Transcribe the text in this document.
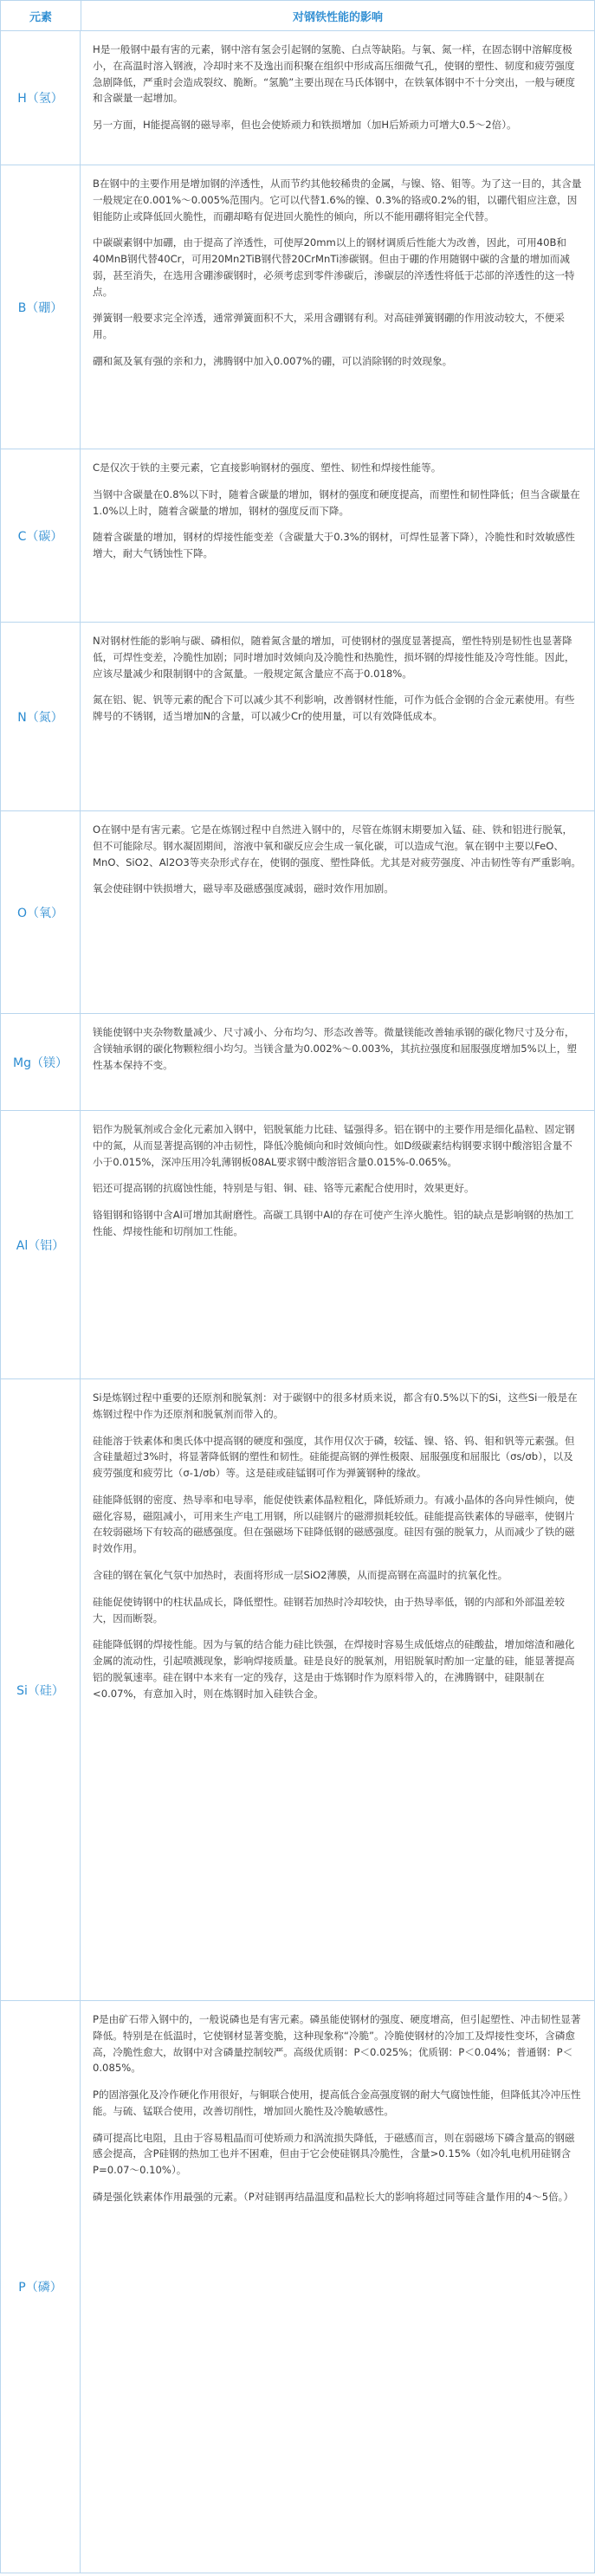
元素	对钢铁性能的影响
H（氢）

H是一般钢中最有害的元素，钢中溶有氢会引起钢的氢脆、白点等缺陷。与氧、氮一样，在固态钢中溶解度极小，在高温时溶入钢液，冷却时来不及逸出而积聚在组织中形成高压细微气孔，使钢的塑性、韧度和疲劳强度急剧降低，严重时会造成裂纹、脆断。“氢脆”主要出现在马氏体钢中，在铁氧体钢中不十分突出，一般与硬度和含碳量一起增加。

另一方面，H能提高钢的磁导率，但也会使矫顽力和铁损增加（加H后矫顽力可增大0.5～2倍）。

B（硼）

B在钢中的主要作用是增加钢的淬透性，从而节约其他较稀贵的金属，与镍、铬、钼等。为了这一目的，其含量一般规定在0.001%～0.005%范围内。它可以代替1.6%的镍、0.3%的铬或0.2%的钼，以硼代钼应注意，因钼能防止或降低回火脆性，而硼却略有促进回火脆性的倾向，所以不能用硼将钼完全代替。

中碳碳素钢中加硼，由于提高了淬透性，可使厚20mm以上的钢材调质后性能大为改善，因此，可用40B和40MnB钢代替40Cr，可用20Mn2TiB钢代替20CrMnTi渗碳钢。但由于硼的作用随钢中碳的含量的增加而减弱，甚至消失，在选用含硼渗碳钢时，必须考虑到零件渗碳后，渗碳层的淬透性将低于芯部的淬透性的这一特点。

弹簧钢一般要求完全淬透，通常弹簧面积不大，采用含硼钢有利。对高硅弹簧钢硼的作用波动较大，不便采用。

硼和氮及氧有强的亲和力，沸腾钢中加入0.007%的硼，可以消除钢的时效现象。

C（碳）

C是仅次于铁的主要元素，它直接影响钢材的强度、塑性、韧性和焊接性能等。

当钢中含碳量在0.8%以下时，随着含碳量的增加，钢材的强度和硬度提高，而塑性和韧性降低；但当含碳量在1.0%以上时，随着含碳量的增加，钢材的强度反而下降。

随着含碳量的增加，钢材的焊接性能变差（含碳量大于0.3%的钢材，可焊性显著下降），冷脆性和时效敏感性增大，耐大气锈蚀性下降。

N（氮）

N对钢材性能的影响与碳、磷相似，随着氮含量的增加，可使钢材的强度显著提高，塑性特别是韧性也显著降低，可焊性变差，冷脆性加剧；同时增加时效倾向及冷脆性和热脆性，损坏钢的焊接性能及冷弯性能。因此，应该尽量减少和限制钢中的含氮量。一般规定氮含量应不高于0.018%。

氮在铝、铌、钒等元素的配合下可以减少其不利影响，改善钢材性能，可作为低合金钢的合金元素使用。有些牌号的不锈钢，适当增加N的含量，可以减少Cr的使用量，可以有效降低成本。

O（氧）

O在钢中是有害元素。它是在炼钢过程中自然进入钢中的，尽管在炼钢末期要加入锰、硅、铁和铝进行脱氧，但不可能除尽。钢水凝固期间，溶液中氧和碳反应会生成一氧化碳，可以造成气泡。氧在钢中主要以FeO、MnO、SiO2、Al2O3等夹杂形式存在，使钢的强度、塑性降低。尤其是对疲劳强度、冲击韧性等有严重影响。

氧会使硅钢中铁损增大，磁导率及磁感强度减弱，磁时效作用加剧。

Mg（镁）

镁能使钢中夹杂物数量减少、尺寸减小、分布均匀、形态改善等。微量镁能改善轴承钢的碳化物尺寸及分布，含镁轴承钢的碳化物颗粒细小均匀。当镁含量为0.002%～0.003%，其抗拉强度和屈服强度增加5%以上，塑性基本保持不变。

Al（铝）

铝作为脱氧剂或合金化元素加入钢中，铝脱氧能力比硅、锰强得多。铝在钢中的主要作用是细化晶粒、固定钢中的氮，从而显著提高钢的冲击韧性，降低冷脆倾向和时效倾向性。如D级碳素结构钢要求钢中酸溶铝含量不小于0.015%，深冲压用冷轧薄钢板08AL要求钢中酸溶铝含量0.015%-0.065%。

铝还可提高钢的抗腐蚀性能，特别是与钼、铜、硅、铬等元素配合使用时，效果更好。

铬钼钢和铬钢中含Al可增加其耐磨性。高碳工具钢中Al的存在可使产生淬火脆性。铝的缺点是影响钢的热加工性能、焊接性能和切削加工性能。

Si（硅）

Si是炼钢过程中重要的还原剂和脱氧剂：对于碳钢中的很多材质来说，都含有0.5%以下的Si，这些Si一般是在炼钢过程中作为还原剂和脱氧剂而带入的。

硅能溶于铁素体和奥氏体中提高钢的硬度和强度，其作用仅次于磷，较锰、镍、铬、钨、钼和钒等元素强。但含硅量超过3%时，将显著降低钢的塑性和韧性。硅能提高钢的弹性极限、屈服强度和屈服比（σs/σb），以及疲劳强度和疲劳比（σ-1/σb）等。这是硅或硅锰钢可作为弹簧钢种的缘故。

硅能降低钢的密度、热导率和电导率，能促使铁素体晶粒粗化，降低矫顽力。有减小晶体的各向异性倾向，使磁化容易，磁阻减小，可用来生产电工用钢，所以硅钢片的磁滞损耗较低。硅能提高铁素体的导磁率，使钢片在较弱磁场下有较高的磁感强度。但在强磁场下硅降低钢的磁感强度。硅因有强的脱氧力，从而减少了铁的磁时效作用。

含硅的钢在氧化气氛中加热时，表面将形成一层SiO2薄膜，从而提高钢在高温时的抗氧化性。

硅能促使铸钢中的柱状晶成长，降低塑性。硅钢若加热时冷却较快，由于热导率低，钢的内部和外部温差较大，因而断裂。

硅能降低钢的焊接性能。因为与氧的结合能力硅比铁强，在焊接时容易生成低熔点的硅酸盐，增加熔渣和融化金属的流动性，引起喷溅现象，影响焊接质量。硅是良好的脱氧剂，用铝脱氧时酌加一定量的硅，能显著提高铝的脱氧速率。硅在钢中本来有一定的残存，这是由于炼钢时作为原料带入的，在沸腾钢中，硅限制在<0.07%，有意加入时，则在炼钢时加入硅铁合金。

P（磷）

P是由矿石带入钢中的，一般说磷也是有害元素。磷虽能使钢材的强度、硬度增高，但引起塑性、冲击韧性显著降低。特别是在低温时，它使钢材显著变脆，这种现象称“冷脆”。冷脆使钢材的冷加工及焊接性变坏，含磷愈高，冷脆性愈大，故钢中对含磷量控制较严。高级优质钢：P＜0.025%；优质钢：P＜0.04%；普通钢：P＜0.085%。

P的固溶强化及冷作硬化作用很好，与铜联合使用，提高低合金高强度钢的耐大气腐蚀性能，但降低其冷冲压性能。与硫、锰联合使用，改善切削性，增加回火脆性及冷脆敏感性。

磷可提高比电阻，且由于容易粗晶而可使矫顽力和涡流损失降低，于磁感而言，则在弱磁场下磷含量高的钢磁感会提高，含P硅钢的热加工也并不困难，但由于它会使硅钢具冷脆性，含量>0.15%（如冷轧电机用硅钢含P=0.07～0.10%）。

磷是强化铁素体作用最强的元素。（P对硅钢再结晶温度和晶粒长大的影响将超过同等硅含量作用的4～5倍。）
